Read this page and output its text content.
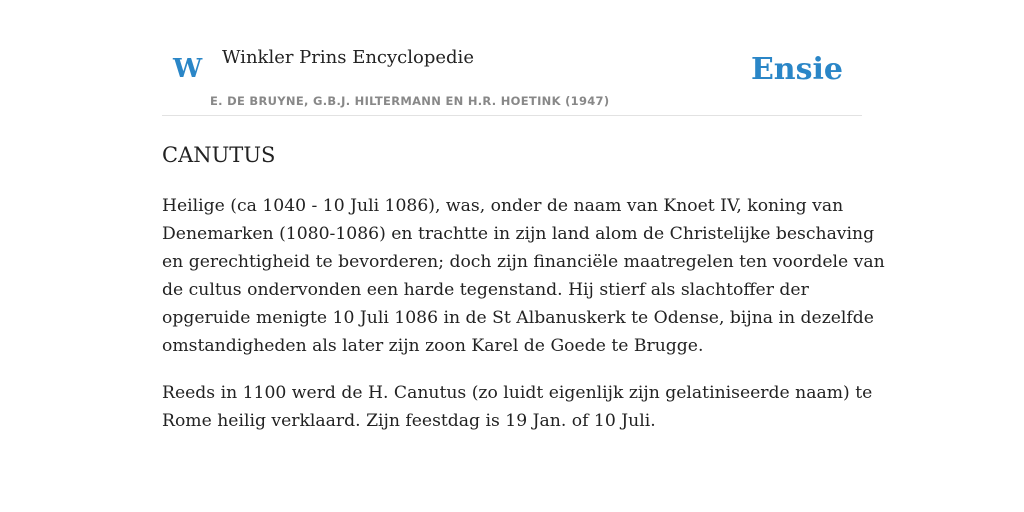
W Winkler Prins Encyclopedie
E. DE BRUYNE, G.B.J. HILTERMANN EN H.R. HOETINK (1947)
Ensie
CANUTUS

Heilige (ca 1040 - 10 Juli 1086), was, onder de naam van Knoet IV, koning van
Denemarken (1080-1086) en trachtte in zijn land alom de Christelijke beschaving
en gerechtigheid te bevorderen; doch zijn financiële maatregelen ten voordele van
de cultus ondervonden een harde tegenstand. Hij stierf als slachtoffer der
opgeruide menigte 10 Juli 1086 in de St Albanuskerk te Odense, bijna in dezelfde
omstandigheden als later zijn zoon Karel de Goede te Brugge.

Reeds in 1100 werd de H. Canutus (zo luidt eigenlijk zijn gelatiniseerde naam) te
Rome heilig verklaard. Zijn feestdag is 19 Jan. of 10 Juli.
